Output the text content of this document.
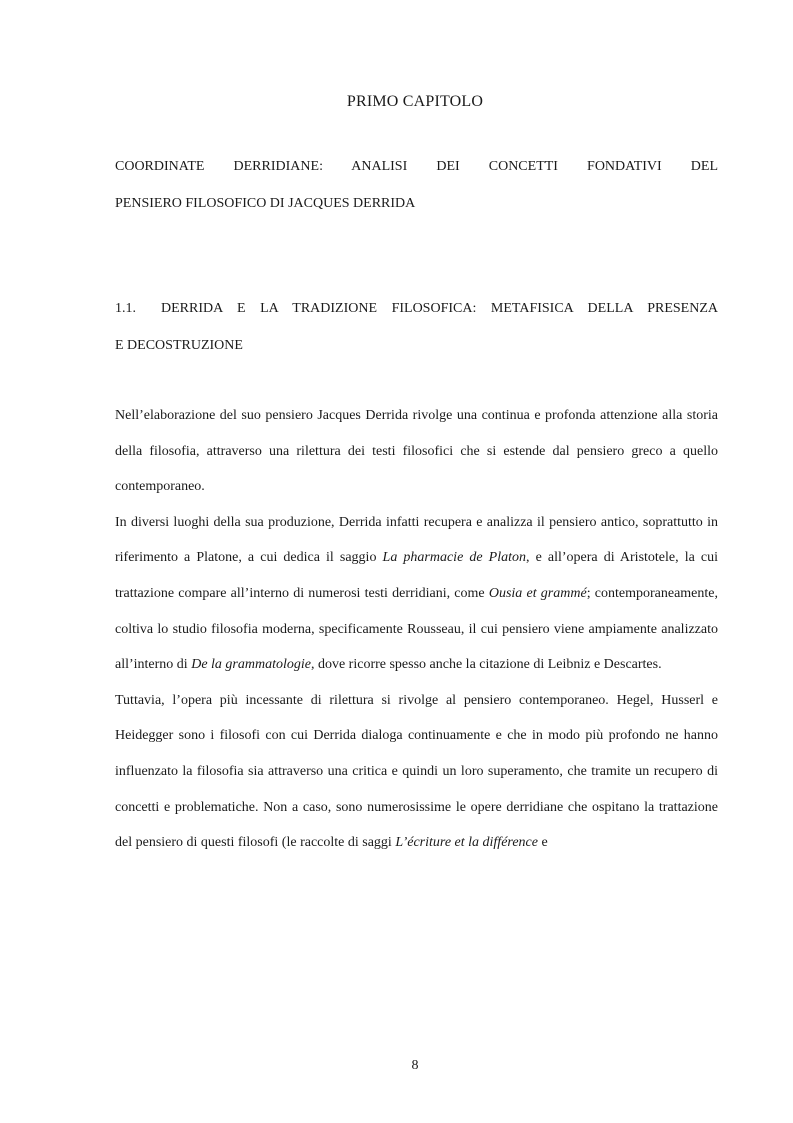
PRIMO CAPITOLO
COORDINATE DERRIDIANE: ANALISI DEI CONCETTI FONDATIVI DEL
PENSIERO FILOSOFICO DI JACQUES DERRIDA
1.1.	DERRIDA E LA TRADIZIONE FILOSOFICA: METAFISICA DELLA PRESENZA
E DECOSTRUZIONE

Nell’elaborazione del suo pensiero Jacques Derrida rivolge una continua e profonda attenzione alla storia della filosofia, attraverso una rilettura dei testi filosofici che si estende dal pensiero greco a quello contemporaneo.

In diversi luoghi della sua produzione, Derrida infatti recupera e analizza il pensiero antico, soprattutto in riferimento a Platone, a cui dedica il saggio La pharmacie de Platon, e all’opera di Aristotele, la cui trattazione compare all’interno di numerosi testi derridiani, come Ousia et grammé; contemporaneamente, coltiva lo studio filosofia moderna, specificamente Rousseau, il cui pensiero viene ampiamente analizzato all’interno di De la grammatologie, dove ricorre spesso anche la citazione di Leibniz e Descartes.

Tuttavia, l’opera più incessante di rilettura si rivolge al pensiero contemporaneo. Hegel, Husserl e Heidegger sono i filosofi con cui Derrida dialoga continuamente e che in modo più profondo ne hanno influenzato la filosofia sia attraverso una critica e quindi un loro superamento, che tramite un recupero di concetti e problematiche. Non a caso, sono numerosissime le opere derridiane che ospitano la trattazione del pensiero di questi filosofi (le raccolte di saggi L’écriture et la différence e

8
